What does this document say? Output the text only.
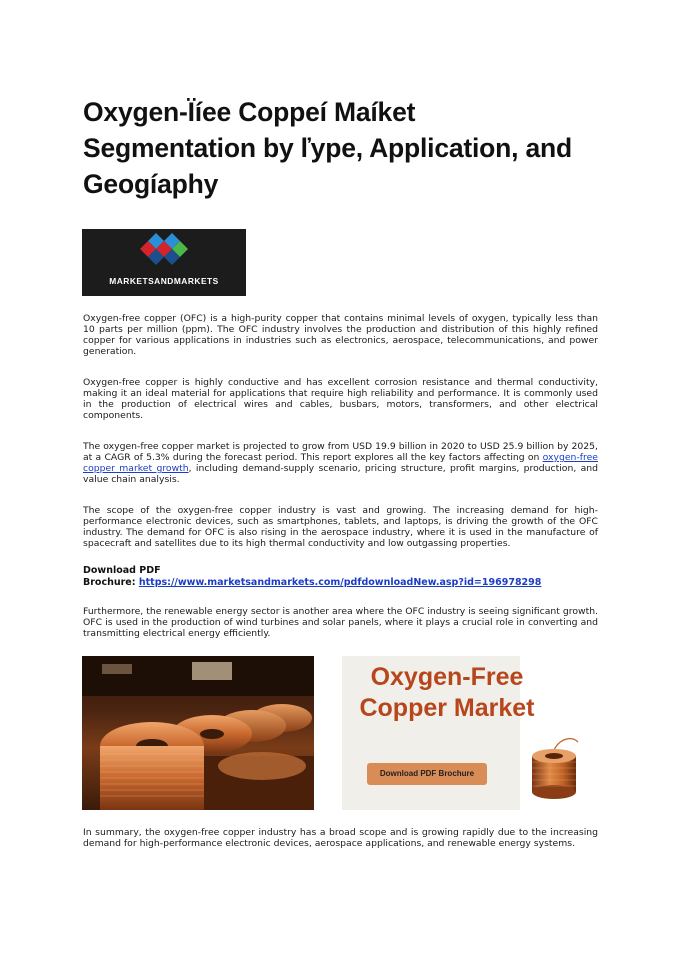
Oxygen-Ïíee Coppeí Maíket
Segmentation by ľype, Application, and
Geogíaphy
MARKETSANDMARKETS

Oxygen-free copper (OFC) is a high-purity copper that contains minimal levels of oxygen, typically less than 10 parts per million (ppm). The OFC industry involves the production and distribution of this highly refined copper for various applications in industries such as electronics, aerospace, telecommunications, and power generation.

Oxygen-free copper is highly conductive and has excellent corrosion resistance and thermal conductivity, making it an ideal material for applications that require high reliability and performance. It is commonly used in the production of electrical wires and cables, busbars, motors, transformers, and other electrical components.

The oxygen-free copper market is projected to grow from USD 19.9 billion in 2020 to USD 25.9 billion by 2025, at a CAGR of 5.3% during the forecast period. This report explores all the key factors affecting on oxygen-free copper market growth, including demand-supply scenario, pricing structure, profit margins, production, and value chain analysis.

The scope of the oxygen-free copper industry is vast and growing. The increasing demand for high-performance electronic devices, such as smartphones, tablets, and laptops, is driving the growth of the OFC industry. The demand for OFC is also rising in the aerospace industry, where it is used in the manufacture of spacecraft and satellites due to its high thermal conductivity and low outgassing properties.

Download PDF
Brochure: https://www.marketsandmarkets.com/pdfdownloadNew.asp?id=196978298

Furthermore, the renewable energy sector is another area where the OFC industry is seeing significant growth. OFC is used in the production of wind turbines and solar panels, where it plays a crucial role in converting and transmitting electrical energy efficiently.

Oxygen-Free
Copper Market
Download PDF Brochure

In summary, the oxygen-free copper industry has a broad scope and is growing rapidly due to the increasing demand for high-performance electronic devices, aerospace applications, and renewable energy systems.
